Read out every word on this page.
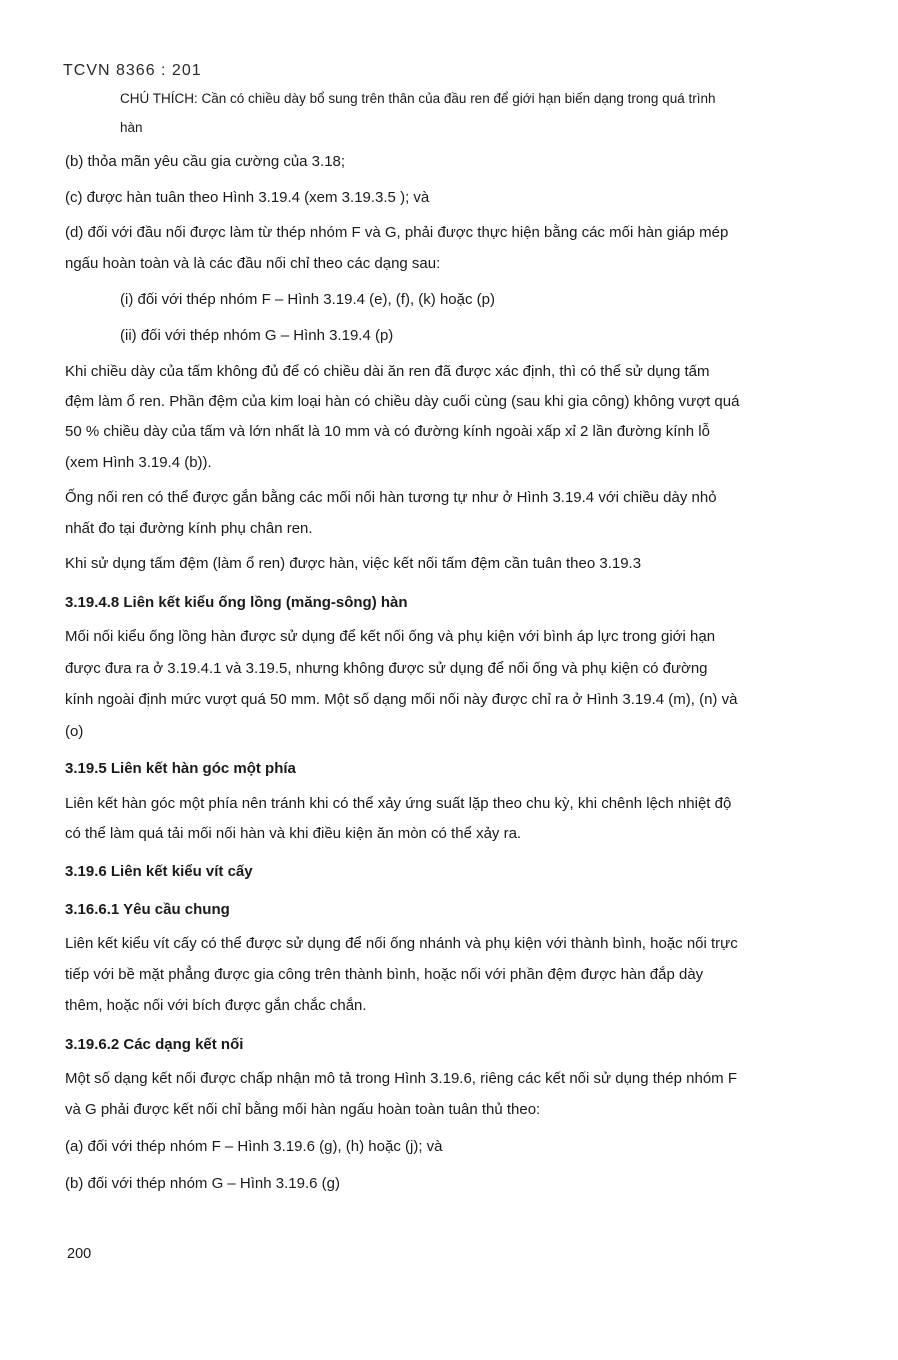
TCVN 8366 : 201
CHÚ THÍCH: Cần có chiều dày bổ sung trên thân của đầu ren để giới hạn biến dạng trong quá trình
hàn
(b) thỏa mãn yêu cầu gia cường của 3.18;
(c) được hàn tuân theo Hình 3.19.4 (xem 3.19.3.5 ); và
(d) đối với đầu nối được làm từ thép nhóm F và G, phải được thực hiện bằng các mối hàn giáp mép
ngấu hoàn toàn và là các đầu nối chỉ theo các dạng sau:
(i) đối với thép nhóm F – Hình 3.19.4 (e), (f), (k) hoặc (p)
(ii) đối với thép nhóm G – Hình 3.19.4 (p)
Khi chiều dày của tấm không đủ để có chiều dài ăn ren đã được xác định, thì có thể sử dụng tấm
đệm làm ổ ren. Phần đệm của kim loại hàn có chiều dày cuối cùng (sau khi gia công) không vượt quá
50 % chiều dày của tấm và lớn nhất là 10 mm và có đường kính ngoài xấp xỉ 2 lần đường kính lỗ
(xem Hình 3.19.4 (b)).
Ống nối ren có thể được gắn bằng các mối nối hàn tương tự như ở Hình 3.19.4 với chiều dày nhỏ
nhất đo tại đường kính phụ chân ren.
Khi sử dụng tấm đệm (làm ổ ren) được hàn, việc kết nối tấm đệm cần tuân theo 3.19.3
3.19.4.8 Liên kết kiểu ống lồng (măng-sông) hàn
Mối nối kiểu ống lồng hàn được sử dụng để kết nối ống và phụ kiện với bình áp lực trong giới hạn
được đưa ra ở 3.19.4.1 và 3.19.5, nhưng không được sử dụng để nối ống và phụ kiện có đường
kính ngoài định mức vượt quá 50 mm. Một số dạng mối nối này được chỉ ra ở Hình 3.19.4 (m), (n) và
(o)
3.19.5 Liên kết hàn góc một phía
Liên kết hàn góc một phía nên tránh khi có thể xảy ứng suất lặp theo chu kỳ, khi chênh lệch nhiệt độ
có thể làm quá tải mối nối hàn và khi điều kiện ăn mòn có thể xảy ra.
3.19.6 Liên kết kiểu vít cấy
3.16.6.1 Yêu cầu chung
Liên kết kiểu vít cấy có thể được sử dụng để nối ống nhánh và phụ kiện với thành bình, hoặc nối trực
tiếp với bề mặt phẳng được gia công trên thành bình, hoặc nối với phần đệm được hàn đắp dày
thêm, hoặc nối với bích được gắn chắc chắn.
3.19.6.2 Các dạng kết nối
Một số dạng kết nối được chấp nhận mô tả trong Hình 3.19.6, riêng các kết nối sử dụng thép nhóm F
và G phải được kết nối chỉ bằng mối hàn ngấu hoàn toàn tuân thủ theo:
(a) đối với thép nhóm F – Hình 3.19.6 (g), (h) hoặc (j); và
(b) đối với thép nhóm G – Hình 3.19.6 (g)
200
